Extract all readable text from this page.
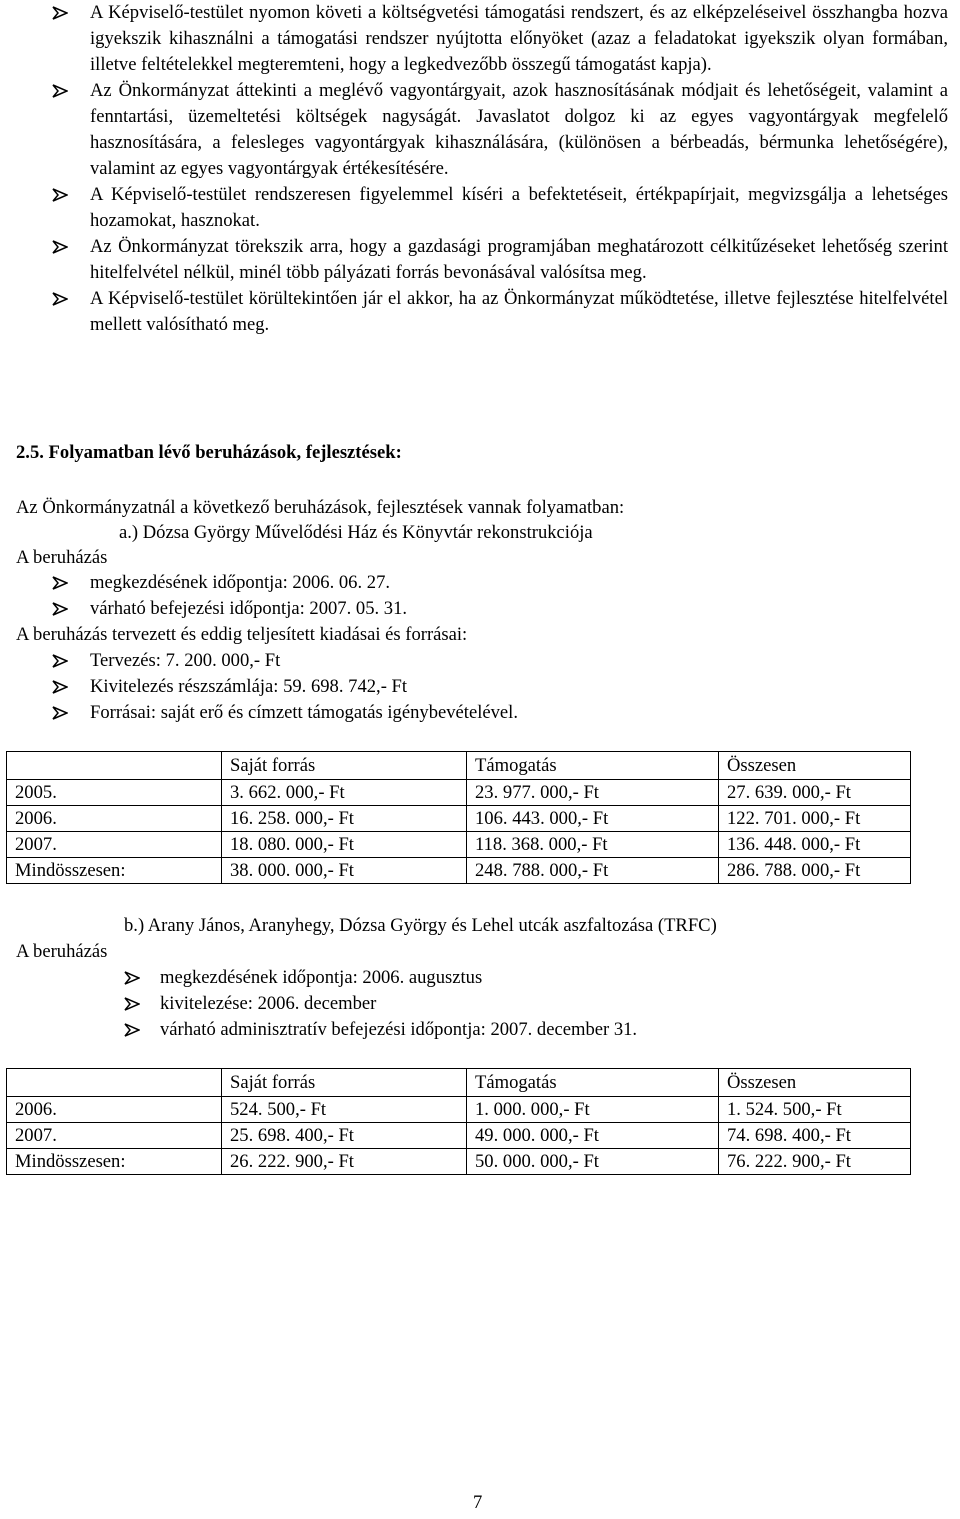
A Képviselő-testület nyomon követi a költségvetési támogatási rendszert, és az elképzeléseivel összhangba hozva igyekszik kihasználni a támogatási rendszer nyújtotta előnyöket (azaz a feladatokat igyekszik olyan formában, illetve feltételekkel megteremteni, hogy a legkedvezőbb összegű támogatást kapja).
Az Önkormányzat áttekinti a meglévő vagyontárgyait, azok hasznosításának módjait és lehetőségeit, valamint a fenntartási, üzemeltetési költségek nagyságát. Javaslatot dolgoz ki az egyes vagyontárgyak megfelelő hasznosítására, a felesleges vagyontárgyak kihasználására, (különösen a bérbeadás, bérmunka lehetőségére), valamint az egyes vagyontárgyak értékesítésére.
A Képviselő-testület rendszeresen figyelemmel kíséri a befektetéseit, értékpapírjait, megvizsgálja a lehetséges hozamokat, hasznokat.
Az Önkormányzat törekszik arra, hogy a gazdasági programjában meghatározott célkitűzéseket lehetőség szerint hitelfelvétel nélkül, minél több pályázati forrás bevonásával valósítsa meg.
A Képviselő-testület körültekintően jár el akkor, ha az Önkormányzat működtetése, illetve fejlesztése hitelfelvétel mellett valósítható meg.
2.5. Folyamatban lévő beruházások, fejlesztések:
Az Önkormányzatnál a következő beruházások, fejlesztések vannak folyamatban:
a.) Dózsa György Művelődési Ház és Könyvtár rekonstrukciója
A beruházás
megkezdésének időpontja: 2006. 06. 27.
várható befejezési időpontja: 2007. 05. 31.
A beruházás tervezett és eddig teljesített kiadásai és forrásai:
Tervezés: 7. 200. 000,- Ft
Kivitelezés részszámlája: 59. 698. 742,- Ft
Forrásai: saját erő és címzett támogatás igénybevételével.
	Saját forrás	Támogatás	Összesen
2005.	3. 662. 000,- Ft	23. 977. 000,- Ft	27. 639. 000,- Ft
2006.	16. 258. 000,- Ft	106. 443. 000,- Ft	122. 701. 000,- Ft
2007.	18. 080. 000,- Ft	118. 368. 000,- Ft	136. 448. 000,- Ft
Mindösszesen:	38. 000. 000,- Ft	248. 788. 000,- Ft	286. 788. 000,- Ft
b.) Arany János, Aranyhegy, Dózsa György és Lehel utcák aszfaltozása (TRFC)
A beruházás
megkezdésének időpontja: 2006. augusztus
kivitelezése: 2006. december
várható adminisztratív befejezési időpontja: 2007. december 31.
	Saját forrás	Támogatás	Összesen
2006.	524. 500,- Ft	1. 000. 000,- Ft	1. 524. 500,- Ft
2007.	25. 698. 400,- Ft	49. 000. 000,- Ft	74. 698. 400,- Ft
Mindösszesen:	26. 222. 900,- Ft	50. 000. 000,- Ft	76. 222. 900,- Ft
7
